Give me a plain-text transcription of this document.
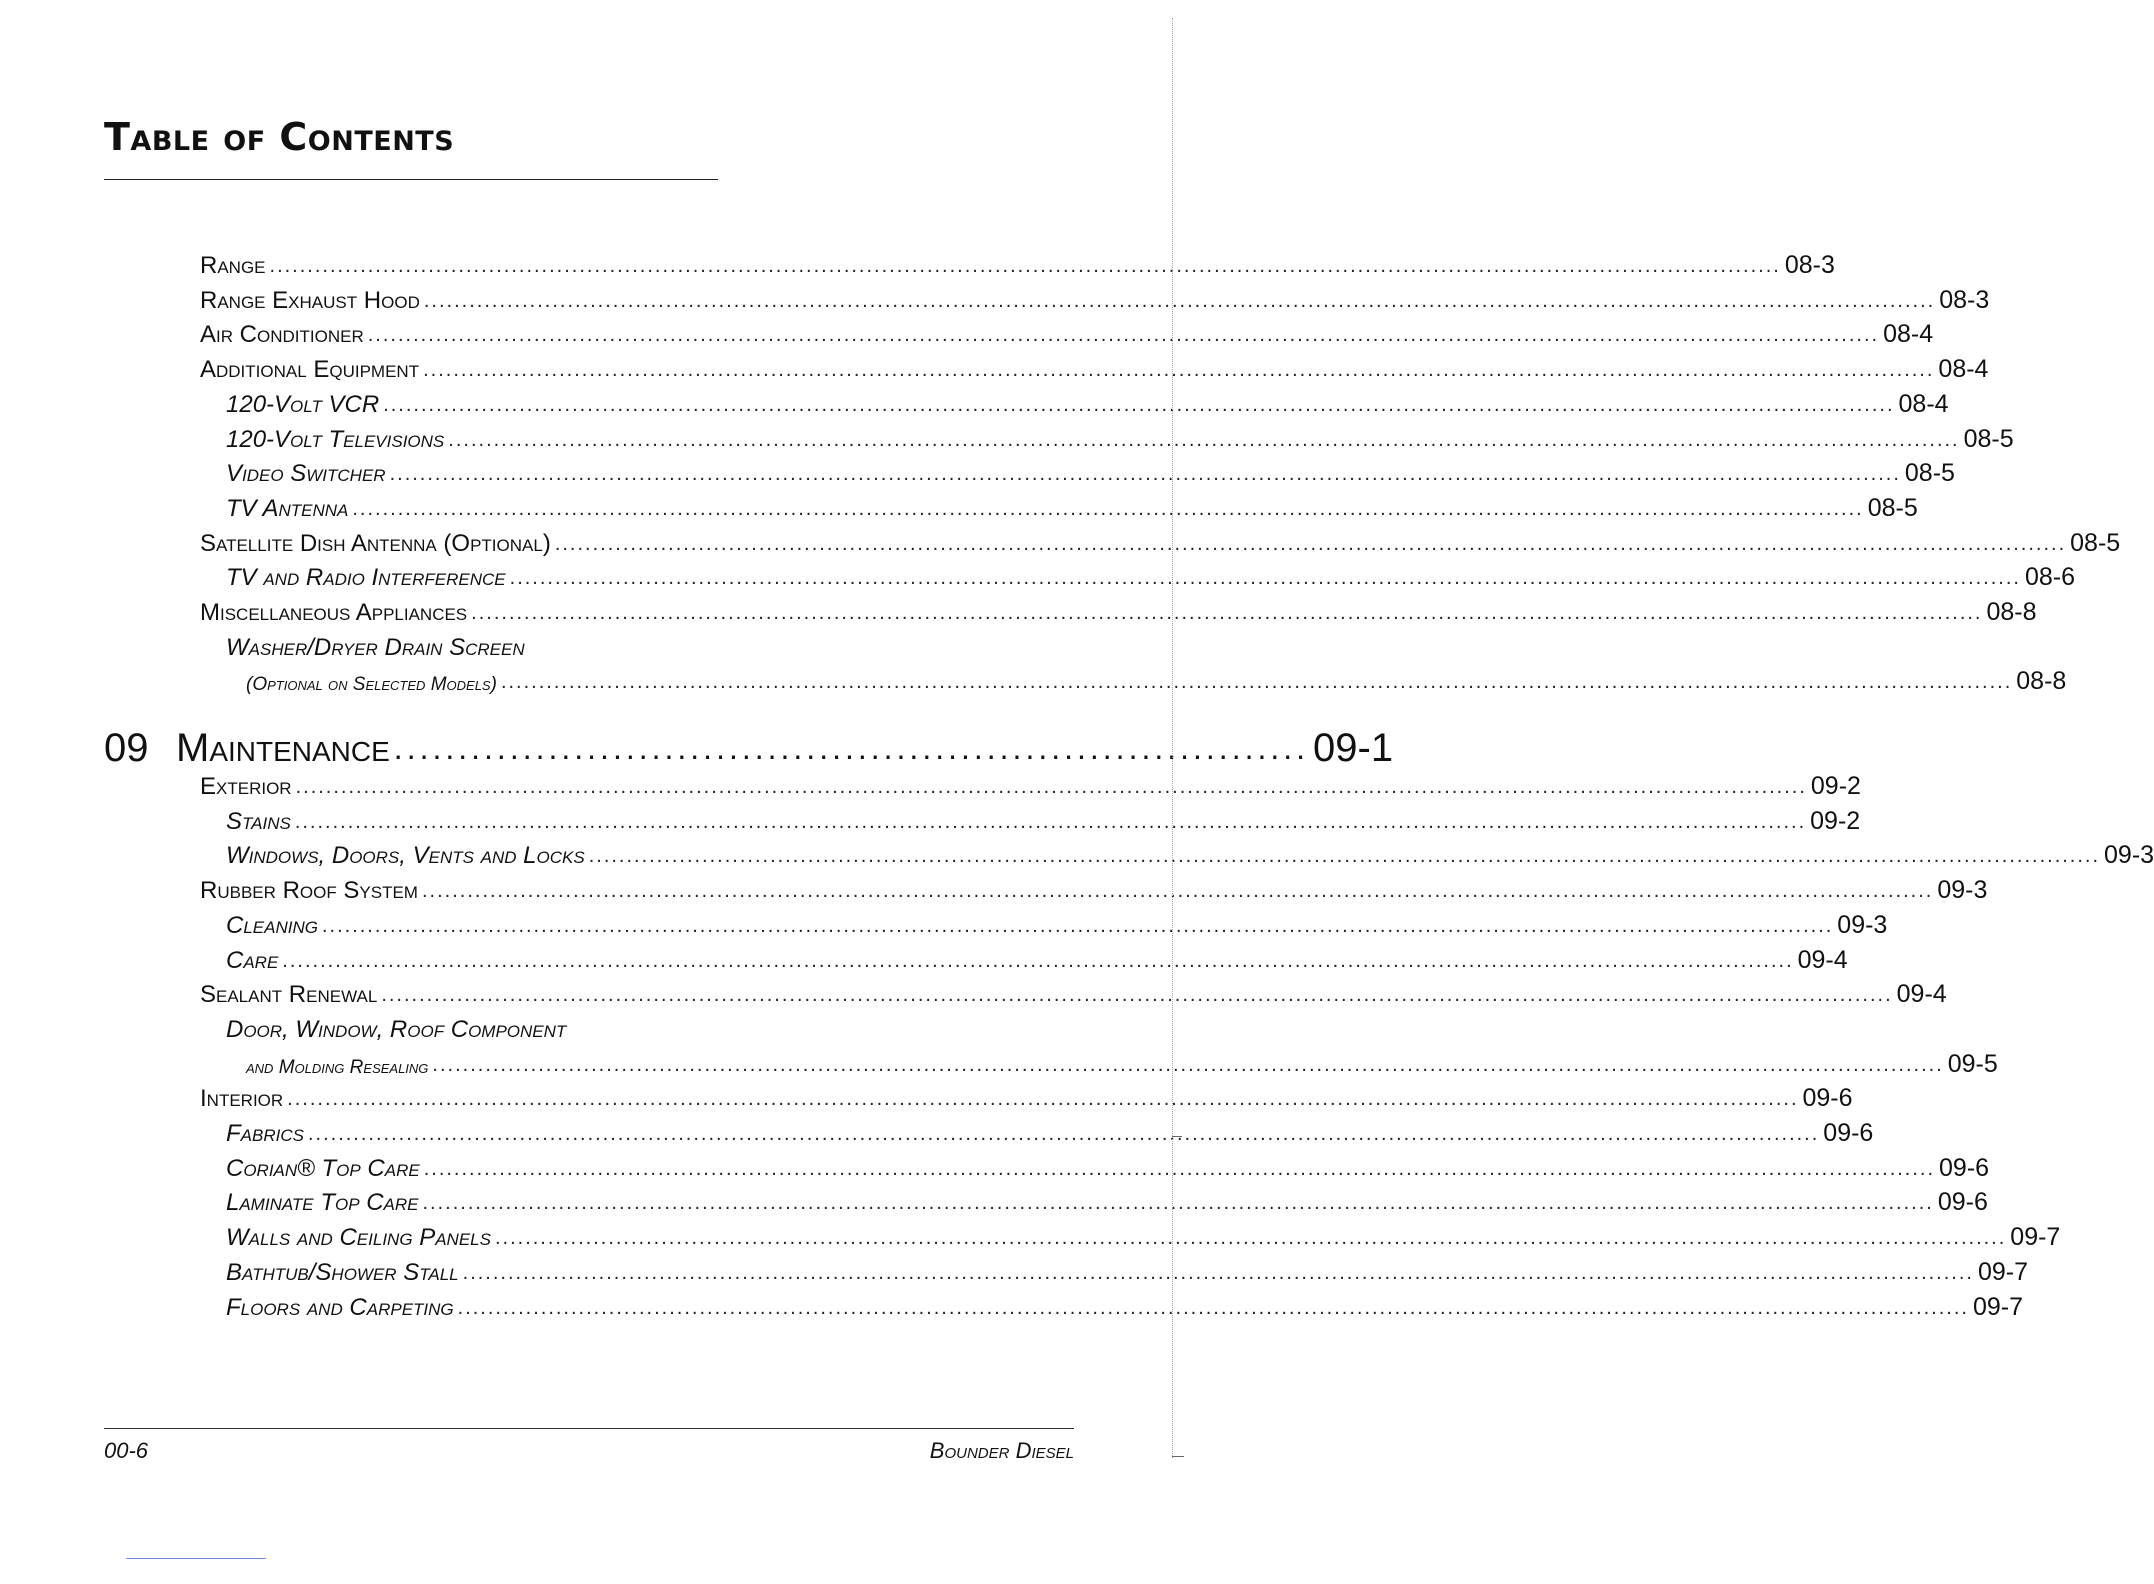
Table of Contents
Range ........................................................................................................................................................................................................ 08-3
Range Exhaust Hood ........................................................................................................................................................................................................ 08-3
Air Conditioner ........................................................................................................................................................................................................ 08-4
Additional Equipment ........................................................................................................................................................................................................ 08-4
120-Volt VCR ........................................................................................................................................................................................................ 08-4
120-Volt Televisions ........................................................................................................................................................................................................ 08-5
Video Switcher ........................................................................................................................................................................................................ 08-5
TV Antenna ........................................................................................................................................................................................................ 08-5
Satellite Dish Antenna (Optional) ........................................................................................................................................................................................................ 08-5
TV and Radio Interference ........................................................................................................................................................................................................ 08-6
Miscellaneous Appliances ........................................................................................................................................................................................................ 08-8
Washer/Dryer Drain Screen
(Optional on Selected Models) ........................................................................................................................................................................................................ 08-8
Exterior ........................................................................................................................................................................................................ 09-2
Stains ........................................................................................................................................................................................................ 09-2
Windows, Doors, Vents and Locks ........................................................................................................................................................................................................ 09-3
Rubber Roof System ........................................................................................................................................................................................................ 09-3
Cleaning ........................................................................................................................................................................................................ 09-3
Care ........................................................................................................................................................................................................ 09-4
Sealant Renewal ........................................................................................................................................................................................................ 09-4
Door, Window, Roof Component
and Molding Resealing ........................................................................................................................................................................................................ 09-5
Interior ........................................................................................................................................................................................................ 09-6
Fabrics ........................................................................................................................................................................................................ 09-6
Corian® Top Care ........................................................................................................................................................................................................ 09-6
Laminate Top Care ........................................................................................................................................................................................................ 09-6
Walls and Ceiling Panels ........................................................................................................................................................................................................ 09-7
Bathtub/Shower Stall ........................................................................................................................................................................................................ 09-7
Floors and Carpeting ........................................................................................................................................................................................................ 09-7
09 Maintenance ....................................................................... 09-1
00-6	Bounder Diesel
